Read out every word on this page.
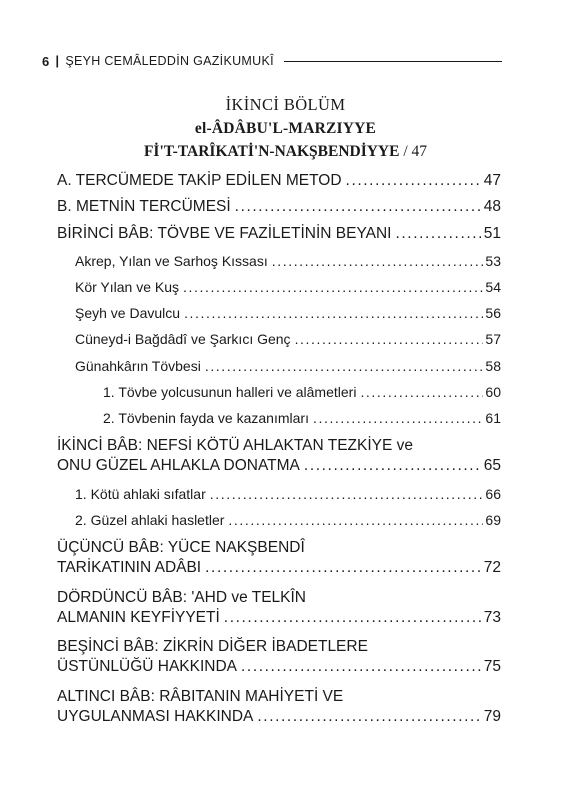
6 | ŞEYH CEMÂLEDDİN GAZİKUMUKÎ
İKİNCİ BÖLÜM
el-ÂDÂBU'L-MARZIYYE
Fİ'T-TARÎKATİ'N-NAKŞBENDİYYE / 47
A. TERCÜMEDE TAKİP EDİLEN METOD .....	47
B. METNİN TERCÜMESİ .....	48
BİRİNCİ BÂB: TÖVBE VE FAZİLETİNİN BEYANI .....	51
Akrep, Yılan ve Sarhoş Kıssası .....	53
Kör Yılan ve Kuş .....	54
Şeyh ve Davulcu .....	56
Cüneyd-i Bağdâdî ve Şarkıcı Genç .....	57
Günahkârın Tövbesi .....	58
1. Tövbe yolcusunun halleri ve alâmetleri .....	60
2. Tövbenin fayda ve kazanımları .....	61
İKİNCİ BÂB: NEFSİ KÖTÜ AHLAKTAN TEZKİYE ve
ONU GÜZEL AHLAKLA DONATMA .....	65
1. Kötü ahlaki sıfatlar .....	66
2. Güzel ahlaki hasletler .....	69
ÜÇÜNCÜ BÂB: YÜCE NAKŞBENDÎ
TARİKATININ ADÂBI .....	72
DÖRDÜNCÜ BÂB: 'AHD ve TELKÎN
ALMANIN KEYFİYYETİ .....	73
BEŞİNCİ BÂB: ZİKRİN DİĞER İBADETLERE
ÜSTÜNLÜĞÜ HAKKINDA .....	75
ALTINCI BÂB: RÂBITANIN MAHİYETİ VE
UYGULANMASI HAKKINDA .....	79
